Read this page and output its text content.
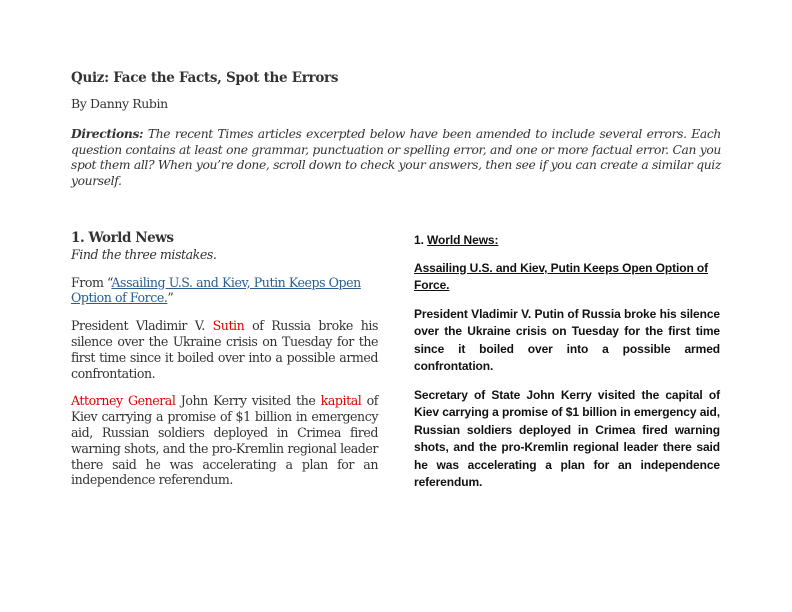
Quiz: Face the Facts, Spot the Errors
By Danny Rubin
Directions: The recent Times articles excerpted below have been amended to include several errors. Each question contains at least one grammar, punctuation or spelling error, and one or more factual error. Can you spot them all? When you’re done, scroll down to check your answers, then see if you can create a similar quiz yourself.
1. World News

Find the three mistakes.

From “Assailing U.S. and Kiev, Putin Keeps Open Option of Force.”

President Vladimir V. Sutin of Russia broke his silence over the Ukraine crisis on Tuesday for the first time since it boiled over into a possible armed confrontation.

Attorney General John Kerry visited the kapital of Kiev carrying a promise of $1 billion in emergency aid, Russian soldiers deployed in Crimea fired warning shots, and the pro-Kremlin regional leader there said he was accelerating a plan for an independence referendum.

1. World News:

Assailing U.S. and Kiev, Putin Keeps Open Option of Force.

President Vladimir V. Putin of Russia broke his silence over the Ukraine crisis on Tuesday for the first time since it boiled over into a possible armed confrontation.

Secretary of State John Kerry visited the capital of Kiev carrying a promise of $1 billion in emergency aid, Russian soldiers deployed in Crimea fired warning shots, and the pro-Kremlin regional leader there said he was accelerating a plan for an independence referendum.
